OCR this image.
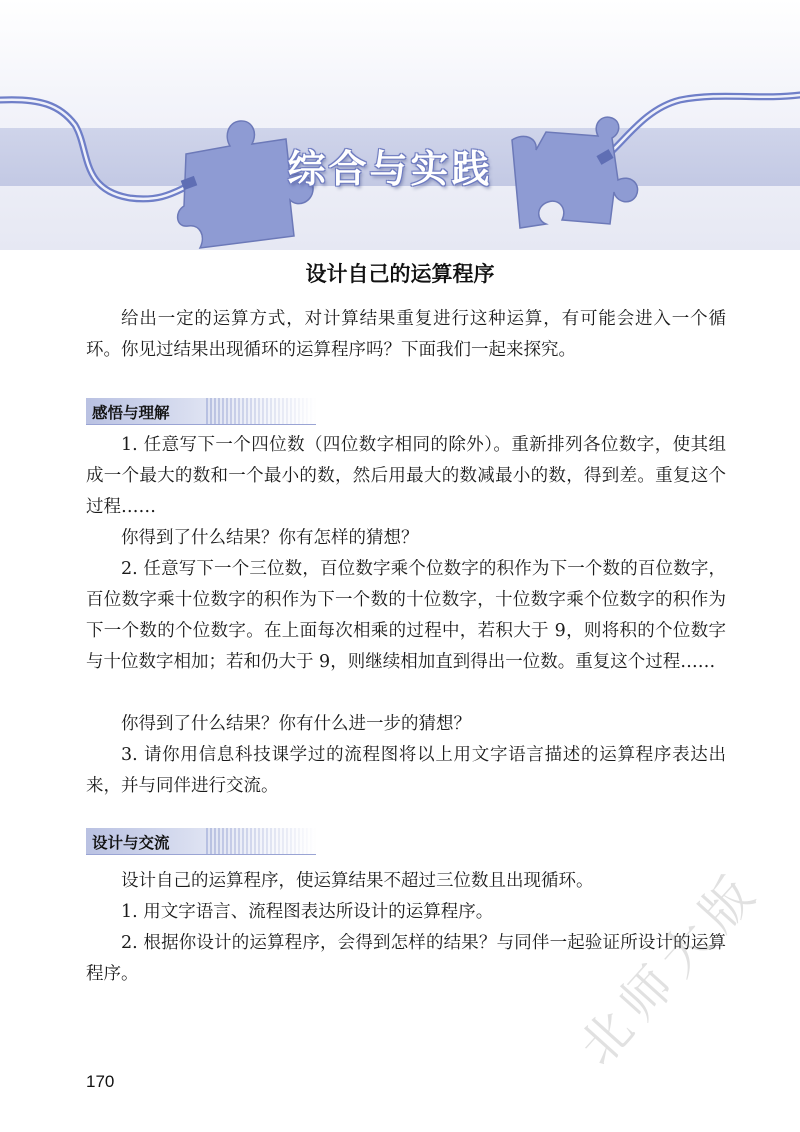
综合与实践
设计自己的运算程序

给出一定的运算方式，对计算结果重复进行这种运算，有可能会进入一个循环。你见过结果出现循环的运算程序吗？下面我们一起来探究。

感悟与理解

1. 任意写下一个四位数（四位数字相同的除外）。重新排列各位数字，使其组成一个最大的数和一个最小的数，然后用最大的数减最小的数，得到差。重复这个过程……

你得到了什么结果？你有怎样的猜想？

2. 任意写下一个三位数，百位数字乘个位数字的积作为下一个数的百位数字，百位数字乘十位数字的积作为下一个数的十位数字，十位数字乘个位数字的积作为下一个数的个位数字。在上面每次相乘的过程中，若积大于 9，则将积的个位数字与十位数字相加；若和仍大于 9，则继续相加直到得出一位数。重复这个过程……

你得到了什么结果？你有什么进一步的猜想？

3. 请你用信息科技课学过的流程图将以上用文字语言描述的运算程序表达出来，并与同伴进行交流。

设计与交流

设计自己的运算程序，使运算结果不超过三位数且出现循环。

1. 用文字语言、流程图表达所设计的运算程序。

2. 根据你设计的运算程序，会得到怎样的结果？与同伴一起验证所设计的运算程序。

170
北师大版
